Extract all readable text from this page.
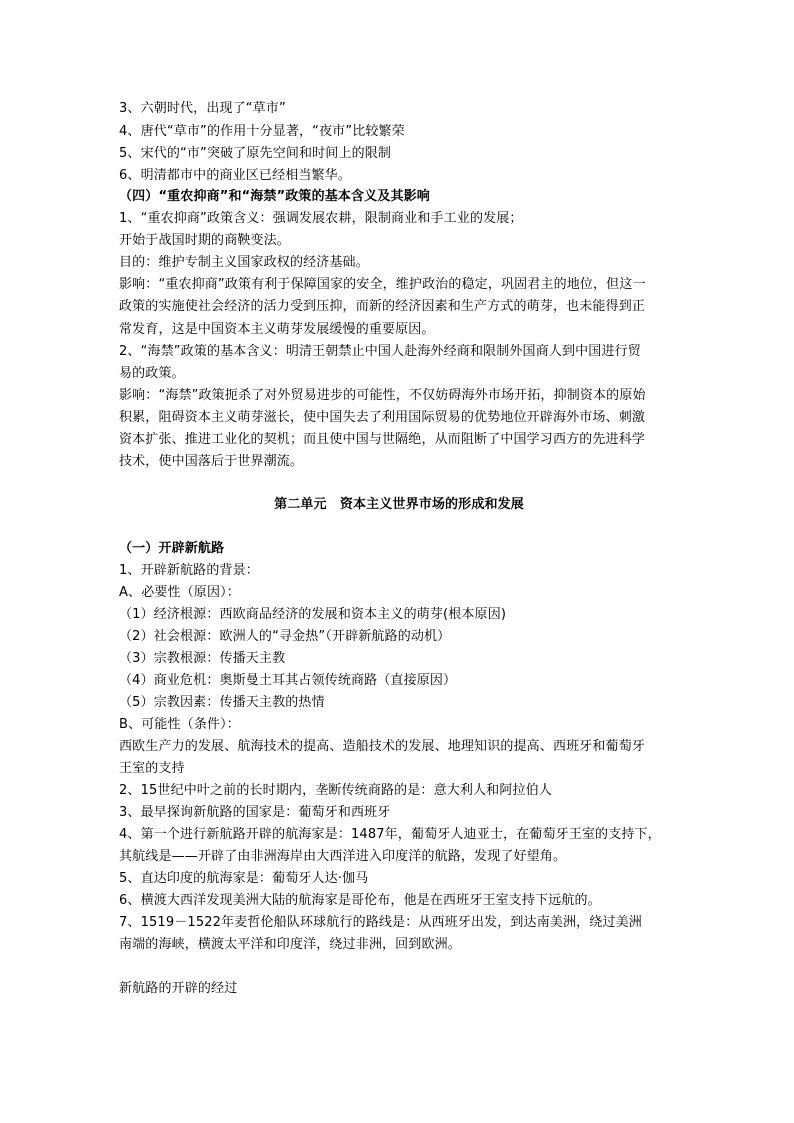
3、六朝时代，出现了“草市”
4、唐代“草市”的作用十分显著，“夜市”比较繁荣
5、宋代的“市”突破了原先空间和时间上的限制
6、明清都市中的商业区已经相当繁华。
（四）“重农抑商”和“海禁”政策的基本含义及其影响
1、“重农抑商”政策含义：强调发展农耕，限制商业和手工业的发展；
开始于战国时期的商鞅变法。
目的：维护专制主义国家政权的经济基础。
影响：“重农抑商”政策有利于保障国家的安全，维护政治的稳定，巩固君主的地位，但这一
政策的实施使社会经济的活力受到压抑，而新的经济因素和生产方式的萌芽，也未能得到正
常发育，这是中国资本主义萌芽发展缓慢的重要原因。
2、“海禁”政策的基本含义：明清王朝禁止中国人赴海外经商和限制外国商人到中国进行贸
易的政策。
影响：“海禁”政策扼杀了对外贸易进步的可能性，不仅妨碍海外市场开拓，抑制资本的原始
积累，阻碍资本主义萌芽滋长，使中国失去了利用国际贸易的优势地位开辟海外市场、刺激
资本扩张、推进工业化的契机；而且使中国与世隔绝，从而阻断了中国学习西方的先进科学
技术，使中国落后于世界潮流。
第二单元　资本主义世界市场的形成和发展
（一）开辟新航路
1、开辟新航路的背景：
A、必要性（原因）：
（1）经济根源：西欧商品经济的发展和资本主义的萌芽(根本原因)
（2）社会根源：欧洲人的“寻金热”（开辟新航路的动机）
（3）宗教根源：传播天主教
（4）商业危机：奥斯曼土耳其占领传统商路（直接原因）
（5）宗教因素：传播天主教的热情
B、可能性（条件）：
西欧生产力的发展、航海技术的提高、造船技术的发展、地理知识的提高、西班牙和葡萄牙
王室的支持
2、15世纪中叶之前的长时期内，垄断传统商路的是：意大利人和阿拉伯人
3、最早探询新航路的国家是：葡萄牙和西班牙
4、第一个进行新航路开辟的航海家是：1487年，葡萄牙人迪亚士，在葡萄牙王室的支持下，
其航线是——开辟了由非洲海岸由大西洋进入印度洋的航路，发现了好望角。
5、直达印度的航海家是：葡萄牙人达·伽马
6、横渡大西洋发现美洲大陆的航海家是哥伦布，他是在西班牙王室支持下远航的。
7、1519－1522年麦哲伦船队环球航行的路线是：从西班牙出发，到达南美洲，绕过美洲
南端的海峡，横渡太平洋和印度洋，绕过非洲，回到欧洲。
新航路的开辟的经过
